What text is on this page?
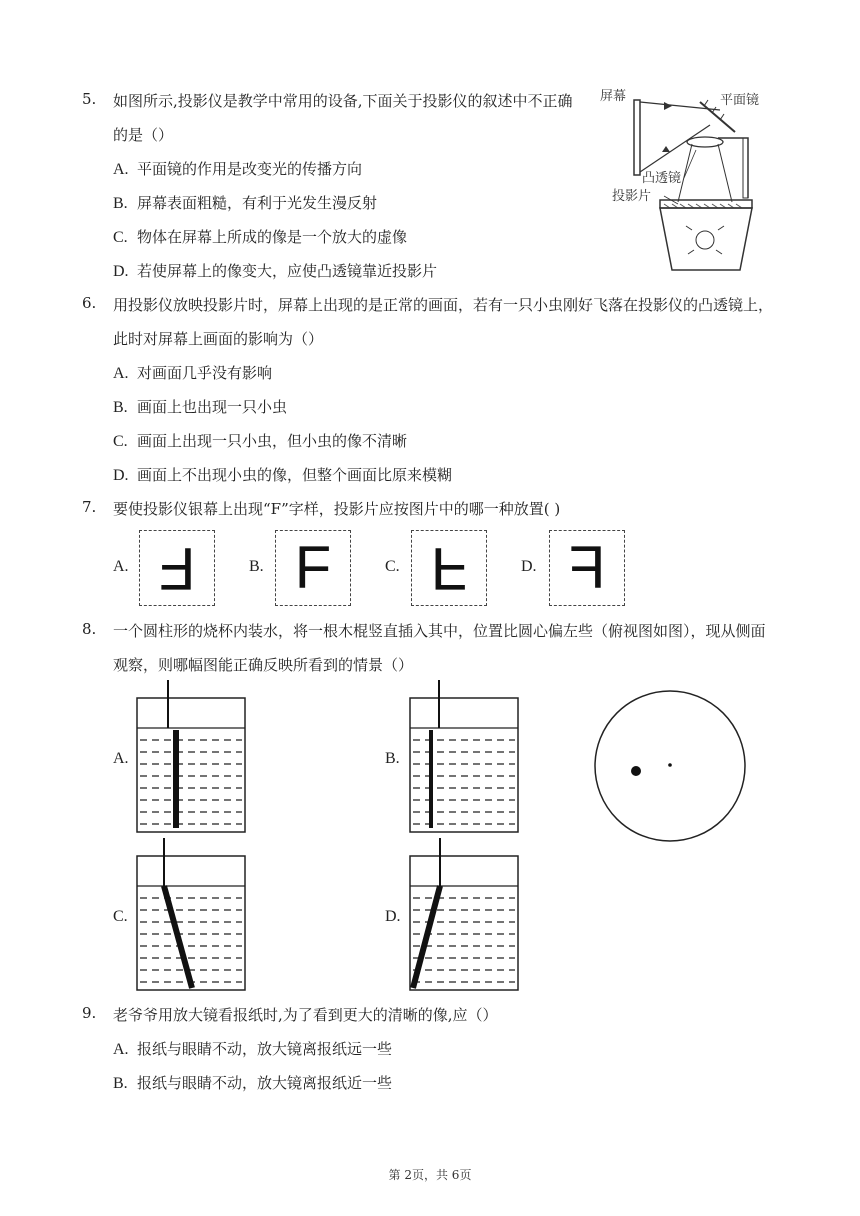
5. 如图所示,投影仪是教学中常用的设备,下面关于投影仪的叙述中不正确
的是（）
A. 平面镜的作用是改变光的传播方向
B. 屏幕表面粗糙，有利于光发生漫反射
C. 物体在屏幕上所成的像是一个放大的虚像
D. 若使屏幕上的像变大，应使凸透镜靠近投影片
屏幕	平面镜
凸透镜
投影片
6. 用投影仪放映投影片时，屏幕上出现的是正常的画面，若有一只小虫刚好飞落在投影仪的凸透镜上，
此时对屏幕上画面的影响为（）
A. 对画面几乎没有影响
B. 画面上也出现一只小虫
C. 画面上出现一只小虫，但小虫的像不清晰
D. 画面上不出现小虫的像，但整个画面比原来模糊
7. 要使投影仪银幕上出现“F”字样，投影片应按图片中的哪一种放置( )
A. F	B. F	C. F	D. F
8. 一个圆柱形的烧杯内装水，将一根木棍竖直插入其中，位置比圆心偏左些（俯视图如图），现从侧面
观察，则哪幅图能正确反映所看到的情景（）
A.	B.
C.	D.
9. 老爷爷用放大镜看报纸时,为了看到更大的清晰的像,应（）
A. 报纸与眼睛不动，放大镜离报纸远一些
B. 报纸与眼睛不动，放大镜离报纸近一些
第 2页，共 6页
